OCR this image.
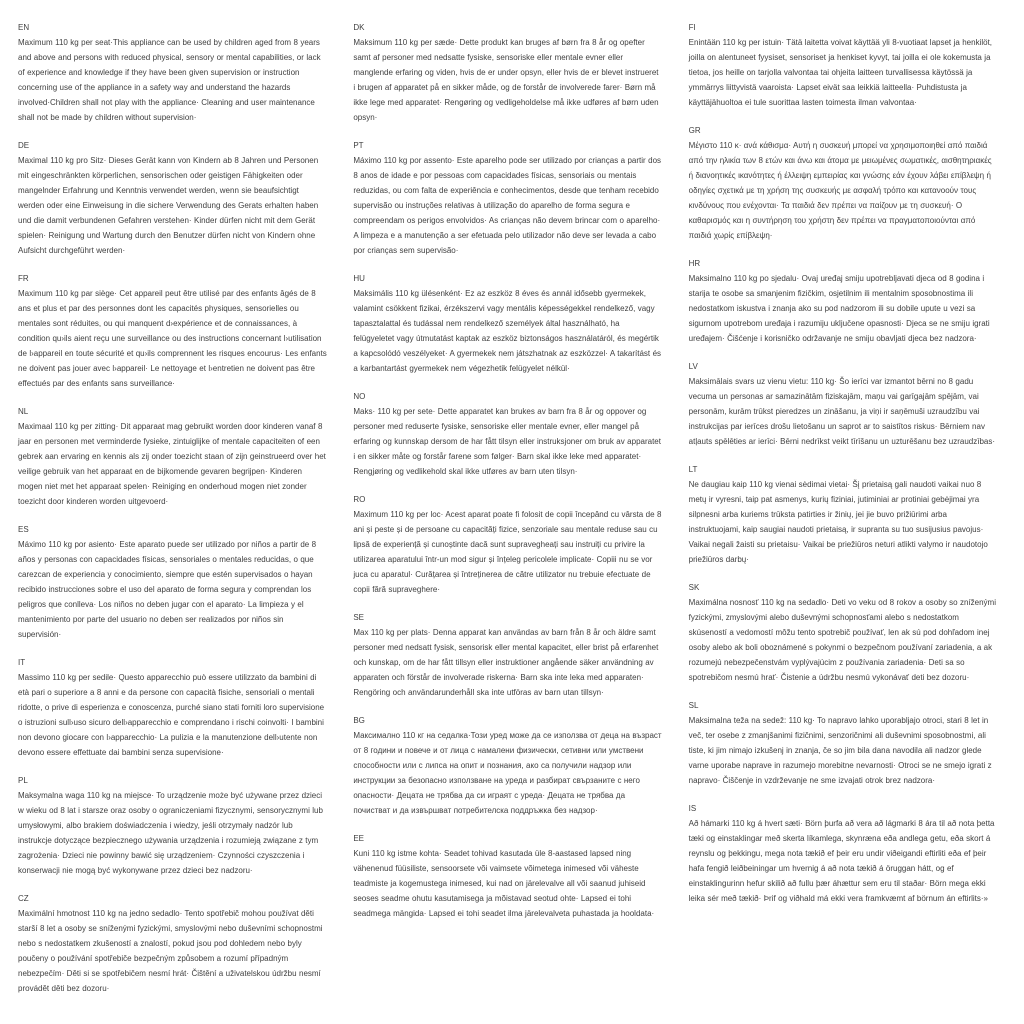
EN

Maximum 110 kg per seat·This appliance can be used by children aged from 8 years and above and persons with reduced physical, sensory or mental capabilities, or lack of experience and knowledge if they have been given supervision or instruction concerning use of the appliance in a safety way and understand the hazards involved·Children shall not play with the appliance· Cleaning and user maintenance shall not be made by children without supervision·

DE

Maximal 110 kg pro Sitz· Dieses Gerät kann von Kindern ab 8 Jahren und Personen mit eingeschränkten körperlichen, sensorischen oder geistigen Fähigkeiten oder mangelnder Erfahrung und Kenntnis verwendet werden, wenn sie beaufsichtigt werden oder eine Einweisung in die sichere Verwendung des Gerats erhalten haben und die damit verbundenen Gefahren verstehen· Kinder dürfen nicht mit dem Gerät spielen· Reinigung und Wartung durch den Benutzer dürfen nicht von Kindern ohne Aufsicht durchgeführt werden·

FR

Maximum 110 kg par siège· Cet appareil peut être utilisé par des enfants âgés de 8 ans et plus et par des personnes dont les capacités physiques, sensorielles ou mentales sont réduites, ou qui manquent d›expérience et de connaissances, à condition qu›ils aient reçu une surveillance ou des instructions concernant l›utilisation de l›appareil en toute sécurité et qu›ils comprennent les risques encourus· Les enfants ne doivent pas jouer avec l›appareil· Le nettoyage et l›entretien ne doivent pas être effectués par des enfants sans surveillance·

NL

Maximaal 110 kg per zitting· Dit apparaat mag gebruikt worden door kinderen vanaf 8 jaar en personen met verminderde fysieke, zintuiglijke of mentale capaciteiten of een gebrek aan ervaring en kennis als zij onder toezicht staan of zijn geinstrueerd over het veilige gebruik van het apparaat en de bijkomende gevaren begrijpen· Kinderen mogen niet met het apparaat spelen· Reiniging en onderhoud mogen niet zonder toezicht door kinderen worden uitgevoerd·

ES

Máximo 110 kg por asiento· Este aparato puede ser utilizado por niños a partir de 8 años y personas con capacidades físicas, sensoriales o mentales reducidas, o que carezcan de experiencia y conocimiento, siempre que estén supervisados o hayan recibido instrucciones sobre el uso del aparato de forma segura y comprendan los peligros que conlleva· Los niños no deben jugar con el aparato· La limpieza y el mantenimiento por parte del usuario no deben ser realizados por niños sin supervisión·

IT

Massimo 110 kg per sedile· Questo apparecchio può essere utilizzato da bambini di età pari o superiore a 8 anni e da persone con capacità fisiche, sensoriali o mentali ridotte, o prive di esperienza e conoscenza, purché siano stati forniti loro supervisione o istruzioni sull›uso sicuro dell›apparecchio e comprendano i rischi coinvolti· I bambini non devono giocare con l›apparecchio· La pulizia e la manutenzione dell›utente non devono essere effettuate dai bambini senza supervisione·

PL

Maksymalna waga 110 kg na miejsce· To urządzenie może być używane przez dzieci w wieku od 8 lat i starsze oraz osoby o ograniczeniami fizycznymi, sensorycznymi lub umysłowymi, albo brakiem doświadczenia i wiedzy, jeśli otrzymały nadzór lub instrukcje dotyczące bezpiecznego używania urządzenia i rozumieją związane z tym zagrożenia· Dzieci nie powinny bawić się urządzeniem· Czynności czyszczenia i konserwacji nie mogą być wykonywane przez dzieci bez nadzoru·

CZ

Maximální hmotnost 110 kg na jedno sedadlo· Tento spotřebič mohou používat děti starší 8 let a osoby se sníženými fyzickými, smyslovými nebo duševními schopnostmi nebo s nedostatkem zkušeností a znalostí, pokud jsou pod dohledem nebo byly poučeny o používání spotřebiče bezpečným způsobem a rozumí případným nebezpečím· Děti si se spotřebičem nesmí hrát· Čištění a uživatelskou údržbu nesmí provádět děti bez dozoru·

DK

Maksimum 110 kg per sæde· Dette produkt kan bruges af børn fra 8 år og opefter samt af personer med nedsatte fysiske, sensoriske eller mentale evner eller manglende erfaring og viden, hvis de er under opsyn, eller hvis de er blevet instrueret i brugen af apparatet på en sikker måde, og de forstår de involverede farer· Børn må ikke lege med apparatet· Rengøring og vedligeholdelse må ikke udføres af børn uden opsyn·

PT

Máximo 110 kg por assento· Este aparelho pode ser utilizado por crianças a partir dos 8 anos de idade e por pessoas com capacidades físicas, sensoriais ou mentais reduzidas, ou com falta de experiência e conhecimentos, desde que tenham recebido supervisão ou instruções relativas à utilização do aparelho de forma segura e compreendam os perigos envolvidos· As crianças não devem brincar com o aparelho· A limpeza e a manutenção a ser efetuada pelo utilizador não deve ser levada a cabo por crianças sem supervisão·

HU

Maksimális 110 kg ülésenként· Ez az eszköz 8 éves és annál idősebb gyermekek, valamint csökkent fizikai, érzékszervi vagy mentális képességekkel rendelkező, vagy tapasztalattal és tudással nem rendelkező személyek által használható, ha felügyeletet vagy útmutatást kaptak az eszköz biztonságos használatáról, és megértik a kapcsolódó veszélyeket· A gyermekek nem játszhatnak az eszközzel· A takarítást és a karbantartást gyermekek nem végezhetik felügyelet nélkül·

NO

Maks· 110 kg per sete· Dette apparatet kan brukes av barn fra 8 år og oppover og personer med reduserte fysiske, sensoriske eller mentale evner, eller mangel på erfaring og kunnskap dersom de har fått tilsyn eller instruksjoner om bruk av apparatet i en sikker måte og forstår farene som følger· Barn skal ikke leke med apparatet· Rengjøring og vedlikehold skal ikke utføres av barn uten tilsyn·

RO

Maximum 110 kg per loc· Acest aparat poate fi folosit de copii începând cu vârsta de 8 ani și peste și de persoane cu capacități fizice, senzoriale sau mentale reduse sau cu lipsă de experiență și cunoștinte dacă sunt supravegheați sau instruiți cu privire la utilizarea aparatului într-un mod sigur și înțeleg pericolele implicate· Copiii nu se vor juca cu aparatul· Curățarea și întreținerea de către utilizator nu trebuie efectuate de copii fără supraveghere·

SE

Max 110 kg per plats· Denna apparat kan användas av barn från 8 år och äldre samt personer med nedsatt fysisk, sensorisk eller mental kapacitet, eller brist på erfarenhet och kunskap, om de har fått tillsyn eller instruktioner angående säker användning av apparaten och förstår de involverade riskerna· Barn ska inte leka med apparaten· Rengöring och användarunderhåll ska inte utföras av barn utan tillsyn·

BG

Максимално 110 кг на седалка·Този уред може да се използва от деца на възраст от 8 години и повече и от лица с намалени физически, сетивни или умствени способности или с липса на опит и познания, ако са получили надзор или инструкции за безопасно използване на уреда и разбират свързаните с него опасности· Децата не трябва да си играят с уреда· Децата не трябва да почистват и да извършват потребителска поддръжка без надзор·

EE

Kuni 110 kg istme kohta· Seadet tohivad kasutada üle 8-aastased lapsed ning vähenenud füüsiliste, sensoorsete või vaimsete võimetega inimesed või väheste teadmiste ja kogemustega inimesed, kui nad on järelevalve all või saanud juhiseid seoses seadme ohutu kasutamisega ja mõistavad seotud ohte· Lapsed ei tohi seadmega mängida· Lapsed ei tohi seadet ilma järelevalveta puhastada ja hooldata·

FI

Enintään 110 kg per istuin· Tätä laitetta voivat käyttää yli 8-vuotiaat lapset ja henkilöt, joilla on alentuneet fyysiset, sensoriset ja henkiset kyvyt, tai joilla ei ole kokemusta ja tietoa, jos heille on tarjolla valvontaa tai ohjeita laitteen turvallisessa käytössä ja ymmärrys liittyvistä vaaroista· Lapset eivät saa leikkiä laitteella· Puhdistusta ja käyttäjähuoltoa ei tule suorittaa lasten toimesta ilman valvontaa·

GR

Μέγιστο 110 κ· ανά κάθισμα· Αυτή η συσκευή μπορεί να χρησιμοποιηθεί από παιδιά από την ηλικία των 8 ετών και άνω και άτομα με μειωμένες σωματικές, αισθητηριακές ή διανοητικές ικανότητες ή έλλειψη εμπειρίας και γνώσης εάν έχουν λάβει επίβλεψη ή οδηγίες σχετικά με τη χρήση της συσκευής με ασφαλή τρόπο και κατανοούν τους κινδύνους που ενέχονται· Τα παιδιά δεν πρέπει να παίζουν με τη συσκευή· Ο καθαρισμός και η συντήρηση του χρήστη δεν πρέπει να πραγματοποιούνται από παιδιά χωρίς επίβλεψη·

HR

Maksimalno 110 kg po sjedalu· Ovaj uređaj smiju upotrebljavati djeca od 8 godina i starija te osobe sa smanjenim fizičkim, osjetilnim ili mentalnim sposobnostima ili nedostatkom iskustva i znanja ako su pod nadzorom ili su dobile upute u vezi sa sigurnom upotrebom uređaja i razumiju uključene opasnosti· Djeca se ne smiju igrati uređajem· Čišćenje i korisničko održavanje ne smiju obavljati djeca bez nadzora·

LV

Maksimālais svars uz vienu vietu: 110 kg· Šo ierīci var izmantot bērni no 8 gadu vecuma un personas ar samazinātām fiziskajām, maņu vai garīgajām spējām, vai personām, kurām trūkst pieredzes un zināšanu, ja viņi ir saņēmuši uzraudzību vai instrukcijas par ierīces drošu lietošanu un saprot ar to saistītos riskus· Bērniem nav atļauts spēlēties ar ierīci· Bērni nedrīkst veikt tīrīšanu un uzturēšanu bez uzraudzības·

LT

Ne daugiau kaip 110 kg vienai sėdimai vietai· Šį prietaisą gali naudoti vaikai nuo 8 metų ir vyresni, taip pat asmenys, kurių fiziniai, jutiminiai ar protiniai gebėjimai yra silpnesni arba kuriems trūksta patirties ir žinių, jei jie buvo prižiūrimi arba instruktuojami, kaip saugiai naudoti prietaisą, ir supranta su tuo susijusius pavojus· Vaikai negali žaisti su prietaisu· Vaikai be priežiūros neturi atlikti valymo ir naudotojo priežiūros darbų·

SK

Maximálna nosnosť 110 kg na sedadlo· Deti vo veku od 8 rokov a osoby so zníženými fyzickými, zmyslovými alebo duševnými schopnosťami alebo s nedostatkom skúseností a vedomostí môžu tento spotrebič používať, len ak sú pod dohľadom inej osoby alebo ak boli oboznámené s pokynmi o bezpečnom používaní zariadenia, a ak rozumejú nebezpečenstvám vyplývajúcim z používania zariadenia· Deti sa so spotrebičom nesmú hrať· Čistenie a údržbu nesmú vykonávať deti bez dozoru·

SL

Maksimalna teža na sedež: 110 kg· To napravo lahko uporabljajo otroci, stari 8 let in več, ter osebe z zmanjšanimi fizičnimi, senzoričnimi ali duševnimi sposobnostmi, ali tiste, ki jim nimajo izkušenj in znanja, če so jim bila dana navodila ali nadzor glede varne uporabe naprave in razumejo morebitne nevarnosti· Otroci se ne smejo igrati z napravo· Čiščenje in vzdrževanje ne sme izvajati otrok brez nadzora·

IS

Að hámarki 110 kg á hvert sæti· Börn þurfa að vera að lágmarki 8 ára til að nota þetta tæki og einstaklingar með skerta líkamlega, skynræna eða andlega getu, eða skort á reynslu og þekkingu, mega nota tækið ef þeir eru undir viðeigandi eftirliti eða ef þeir hafa fengið leiðbeiningar um hvernig á að nota tækið á öruggan hátt, og ef einstaklingurinn hefur skilið að fullu þær áhættur sem eru til staðar· Börn mega ekki leika sér með tækið· Þrif og viðhald má ekki vera framkvæmt af börnum án eftirlits·»
